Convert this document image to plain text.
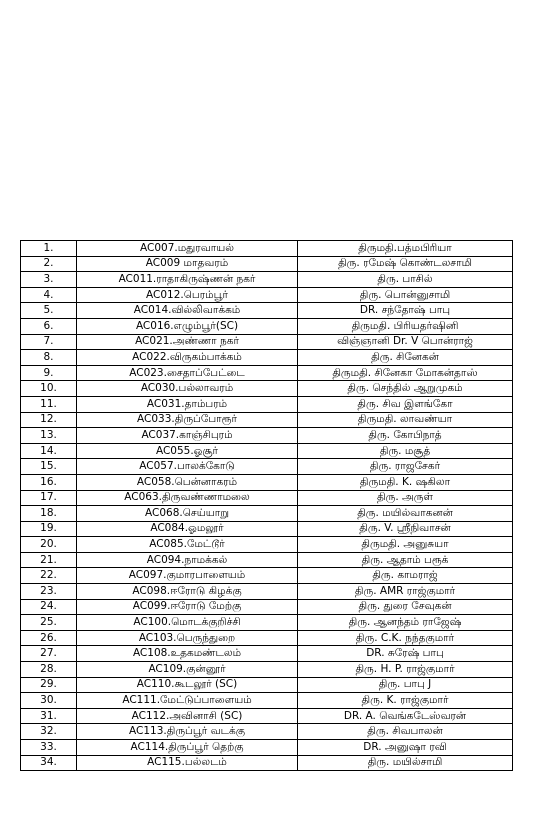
1.	AC007.மதுரவாயல்	திருமதி.பத்மபிரியா
2.	AC009 மாதவரம்	திரு. ரமேஷ் கொண்டலசாமி
3.	AC011.ராதாகிருஷ்ணன் நகர்	திரு. பாசில்
4.	AC012.பெரம்பூர்	திரு. பொன்னுசாமி
5.	AC014.வில்லிவாக்கம்	DR. சந்தோஷ் பாபு
6.	AC016.எழும்பூர்(SC)	திருமதி. பிரியதர்ஷினி
7.	AC021.அண்ணா நகர்	விஞ்ஞானி Dr. V பொன்ராஜ்
8.	AC022.விருகம்பாக்கம்	திரு. சினேகன்
9.	AC023.சைதாப்பேட்டை	திருமதி. சினேகா மோகன்தாஸ்
10.	AC030.பல்லாவரம்	திரு. செந்தில் ஆறுமுகம்
11.	AC031.தாம்பரம்	திரு. சிவ இளங்கோ
12.	AC033.திருப்போரூர்	திருமதி. லாவண்யா
13.	AC037.காஞ்சிபுரம்	திரு. கோபிநாத்
14.	AC055.ஓசூர்	திரு. மசூத்
15.	AC057.பாலக்கோடு	திரு. ராஜசேகர்
16.	AC058.பென்னாகரம்	திருமதி. K. ஷகிலா
17.	AC063.திருவண்ணாமலை	திரு. அருள்
18.	AC068.செய்யாறு	திரு. மயில்வாகனன்
19.	AC084.ஓமலூர்	திரு. V. ஸ்ரீநிவாசன்
20.	AC085.மேட்டூர்	திருமதி. அனுசுயா
21.	AC094.நாமக்கல்	திரு. ஆதாம் பரூக்
22.	AC097.குமாரபாளையம்	திரு. காமராஜ்
23.	AC098.ஈரோடு கிழக்கு	திரு. AMR ராஜ்குமார்
24.	AC099.ஈரோடு மேற்கு	திரு. துரை சேவுகன்
25.	AC100.மொடக்குறிச்சி	திரு. ஆனந்தம் ராஜேஷ்
26.	AC103.பெருந்துறை	திரு. C.K. நந்தகுமார்
27.	AC108.உதகமண்டலம்	DR. சுரேஷ் பாபு
28.	AC109.குன்னூர்	திரு. H. P. ராஜ்குமார்
29.	AC110.கூடலூர் (SC)	திரு. பாபு J
30.	AC111.மேட்டுப்பாளையம்	திரு. K. ராஜ்குமார்
31.	AC112.அவினாசி (SC)	DR. A. வெங்கடேஸ்வரன்
32.	AC113.திருப்பூர் வடக்கு	திரு. சிவபாலன்
33.	AC114.திருப்பூர் தெற்கு	DR. அனுஷா ரவி
34.	AC115.பல்லடம்	திரு. மயில்சாமி
